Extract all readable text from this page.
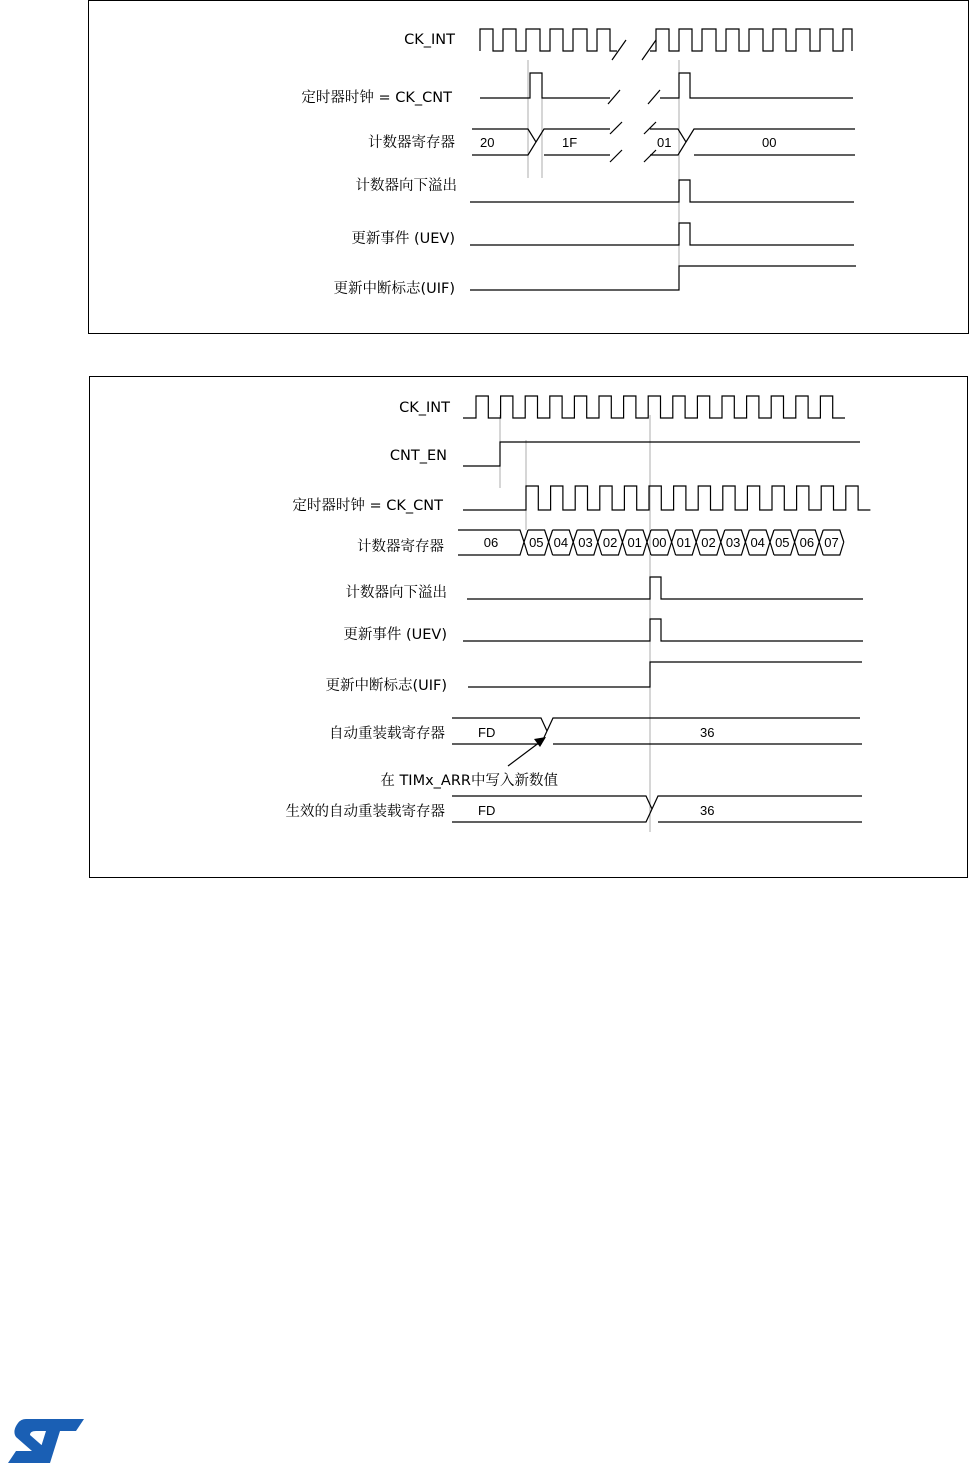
CK_INT
定时器时钟 = CK_CNT
计数器寄存器
计数器向下溢出
更新事件 (UEV)
更新中断标志(UIF)
20	1F	01	00
CK_INT
CNT_EN
定时器时钟 = CK_CNT
计数器寄存器
计数器向下溢出
更新事件 (UEV)
更新中断标志(UIF)
自动重装载寄存器
在 TIMx_ARR中写入新数值
生效的自动重装载寄存器
06 05 04 03 02 01 00 01 02 03 04 05 06 07
FD	36
FD	36
